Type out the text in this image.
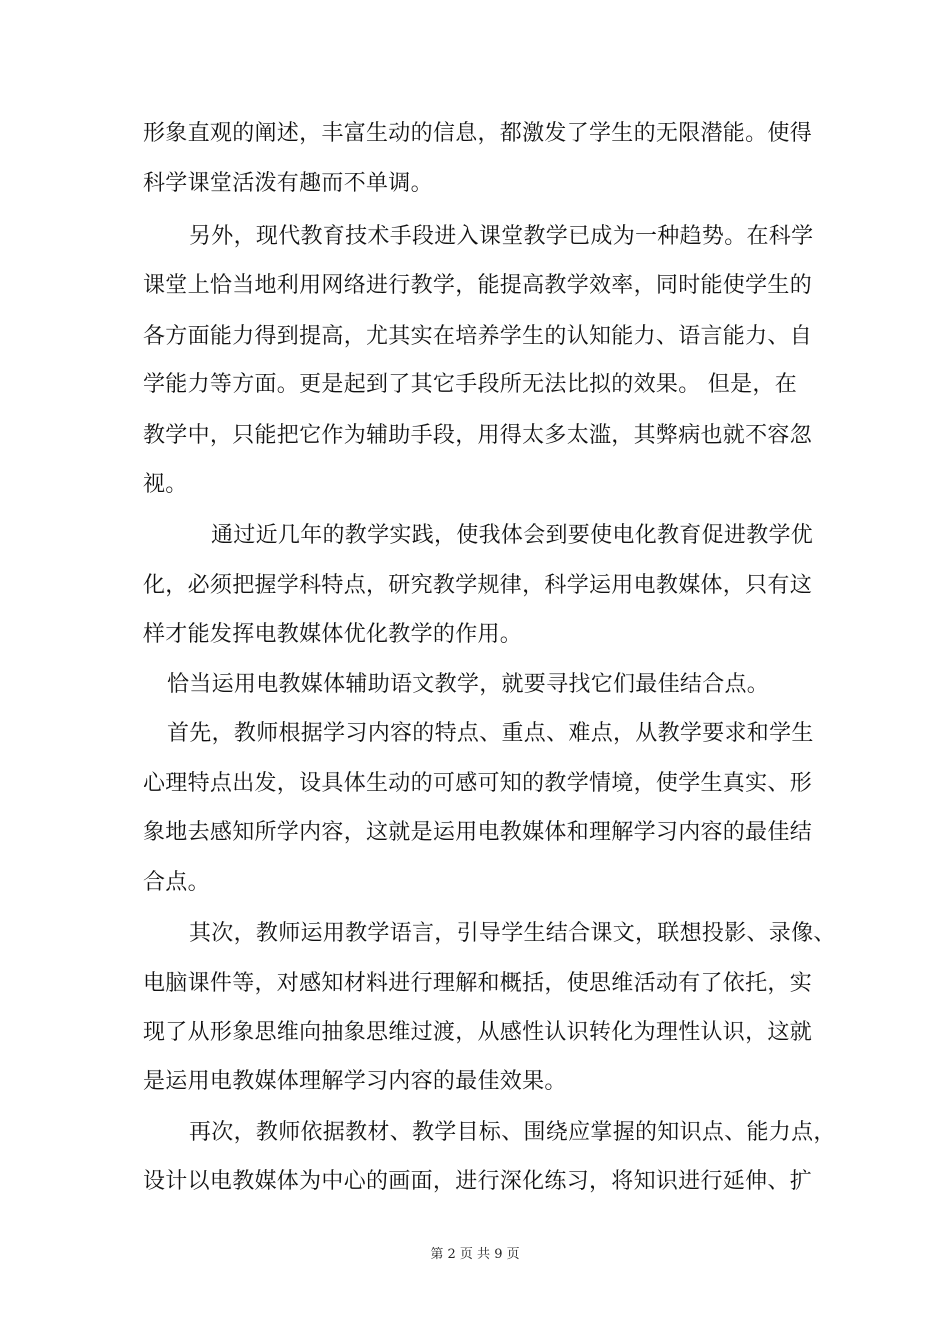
形象直观的阐述，丰富生动的信息，都激发了学生的无限潜能。使得
科学课堂活泼有趣而不单调。
另外，现代教育技术手段进入课堂教学已成为一种趋势。在科学
课堂上恰当地利用网络进行教学，能提高教学效率，同时能使学生的
各方面能力得到提高，尤其实在培养学生的认知能力、语言能力、自
学能力等方面。更是起到了其它手段所无法比拟的效果。 但是，在
教学中，只能把它作为辅助手段，用得太多太滥，其弊病也就不容忽
视。
通过近几年的教学实践，使我体会到要使电化教育促进教学优
化，必须把握学科特点，研究教学规律，科学运用电教媒体，只有这
样才能发挥电教媒体优化教学的作用。
恰当运用电教媒体辅助语文教学，就要寻找它们最佳结合点。
首先，教师根据学习内容的特点、重点、难点，从教学要求和学生
心理特点出发，设具体生动的可感可知的教学情境，使学生真实、形
象地去感知所学内容，这就是运用电教媒体和理解学习内容的最佳结
合点。
其次，教师运用教学语言，引导学生结合课文，联想投影、录像、
电脑课件等，对感知材料进行理解和概括，使思维活动有了依托，实
现了从形象思维向抽象思维过渡，从感性认识转化为理性认识，这就
是运用电教媒体理解学习内容的最佳效果。
再次，教师依据教材、教学目标、围绕应掌握的知识点、能力点，
设计以电教媒体为中心的画面，进行深化练习，将知识进行延伸、扩
第 2 页 共 9 页
